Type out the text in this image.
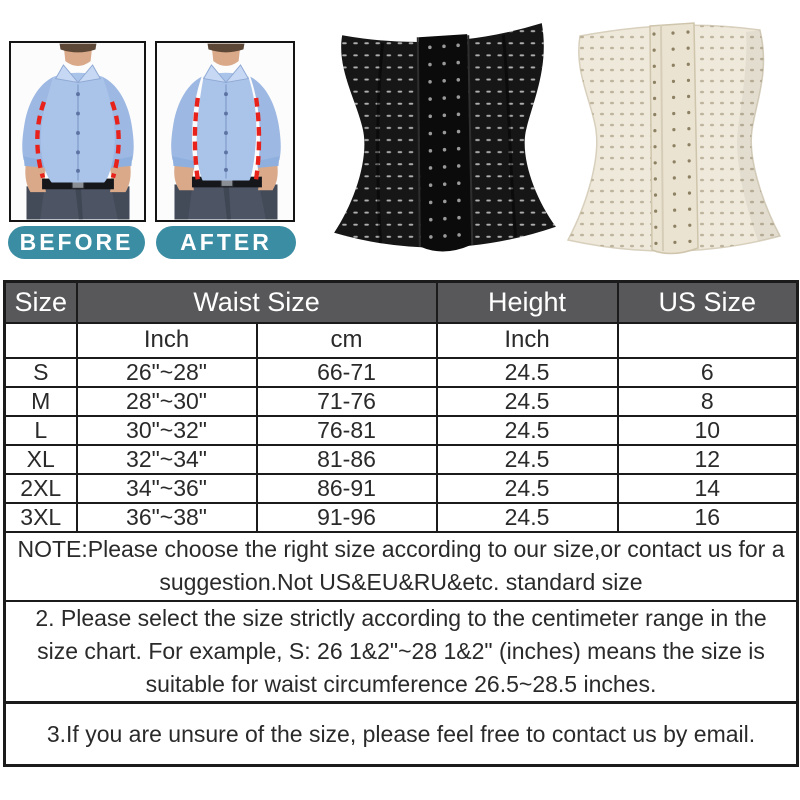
BEFORE AFTER
Size	Waist Size		Height	US Size
	Inch	cm	Inch	
S	26"~28"	66-71	24.5	6
M	28"~30"	71-76	24.5	8
L	30"~32"	76-81	24.5	10
XL	32"~34"	81-86	24.5	12
2XL	34"~36"	86-91	24.5	14
3XL	36"~38"	91-96	24.5	16

NOTE:Please choose the right size according to our size,or contact us for a
suggestion.Not US&EU&RU&etc. standard size				

2. Please select the size strictly according to the centimeter range in the
size chart. For example, S: 26 1&2"~28 1&2" (inches) means the size is
suitable for waist circumference 26.5~28.5 inches.				

3.If you are unsure of the size, please feel free to contact us by email.				
